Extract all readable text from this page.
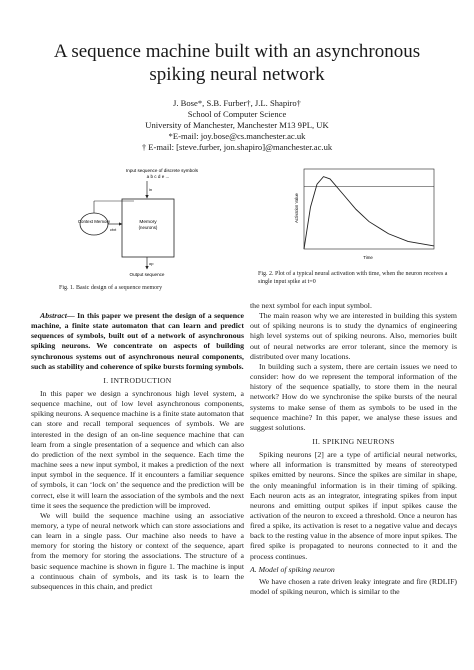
A sequence machine built with an asynchronous
spiking neural network
J. Bose*, S.B. Furber†, J.L. Shapiro†
School of Computer Science
University of Manchester, Manchester M13 9PL, UK
*E-mail: joy.bose@cs.manchester.ac.uk
† E-mail: [steve.furber, jon.shapiro]@manchester.ac.uk
Input sequence of discrete symbols
a b c d e ...
in
Memory
(neurons)
Context Memory
ctxt
op
Output sequence
Fig. 1. Basic design of a sequence memory
Activation Value
Time
Fig. 2. Plot of a typical neural activation with time, when the neuron receives a single input spike at t=0

Abstract— In this paper we present the design of a sequence machine, a finite state automaton that can learn and predict sequences of symbols, built out of a network of asynchronous spiking neurons. We concentrate on aspects of building synchronous systems out of asynchronous neural components, such as stability and coherence of spike bursts forming symbols.

I. INTRODUCTION

In this paper we design a synchronous high level system, a sequence machine, out of low level asynchronous components, spiking neurons. A sequence machine is a finite state automaton that can store and recall temporal sequences of symbols. We are interested in the design of an on-line sequence machine that can learn from a single presentation of a sequence and which can also do prediction of the next symbol in the sequence. Each time the machine sees a new input symbol, it makes a prediction of the next input symbol in the sequence. If it encounters a familiar sequence of symbols, it can ‘lock on’ the sequence and the prediction will be correct, else it will learn the association of the symbols and the next time it sees the sequence the prediction will be improved.

We will build the sequence machine using an associative memory, a type of neural network which can store associations and can learn in a single pass. Our machine also needs to have a memory for storing the history or context of the sequence, apart from the memory for storing the associations. The structure of a basic sequence machine is shown in figure 1. The machine is input a continuous chain of symbols, and its task is to learn the subsequences in this chain, and predict

the next symbol for each input symbol.

The main reason why we are interested in building this system out of spiking neurons is to study the dynamics of engineering high level systems out of spiking neurons. Also, memories built out of neural networks are error tolerant, since the memory is distributed over many locations.

In building such a system, there are certain issues we need to consider: how do we represent the temporal information of the history of the sequence spatially, to store them in the neural network? How do we synchronise the spike bursts of the neural systems to make sense of them as symbols to be used in the sequence machine? In this paper, we analyse these issues and suggest solutions.

II. SPIKING NEURONS

Spiking neurons [2] are a type of artificial neural networks, where all information is transmitted by means of stereotyped spikes emitted by neurons. Since the spikes are similar in shape, the only meaningful information is in their timing of spiking. Each neuron acts as an integrator, integrating spikes from input neurons and emitting output spikes if input spikes cause the activation of the neuron to exceed a threshold. Once a neuron has fired a spike, its activation is reset to a negative value and decays back to the resting value in the absence of more input spikes. The fired spike is propagated to neurons connected to it and the process continues.

A. Model of spiking neuron

We have chosen a rate driven leaky integrate and fire (RDLIF) model of spiking neuron, which is similar to the
